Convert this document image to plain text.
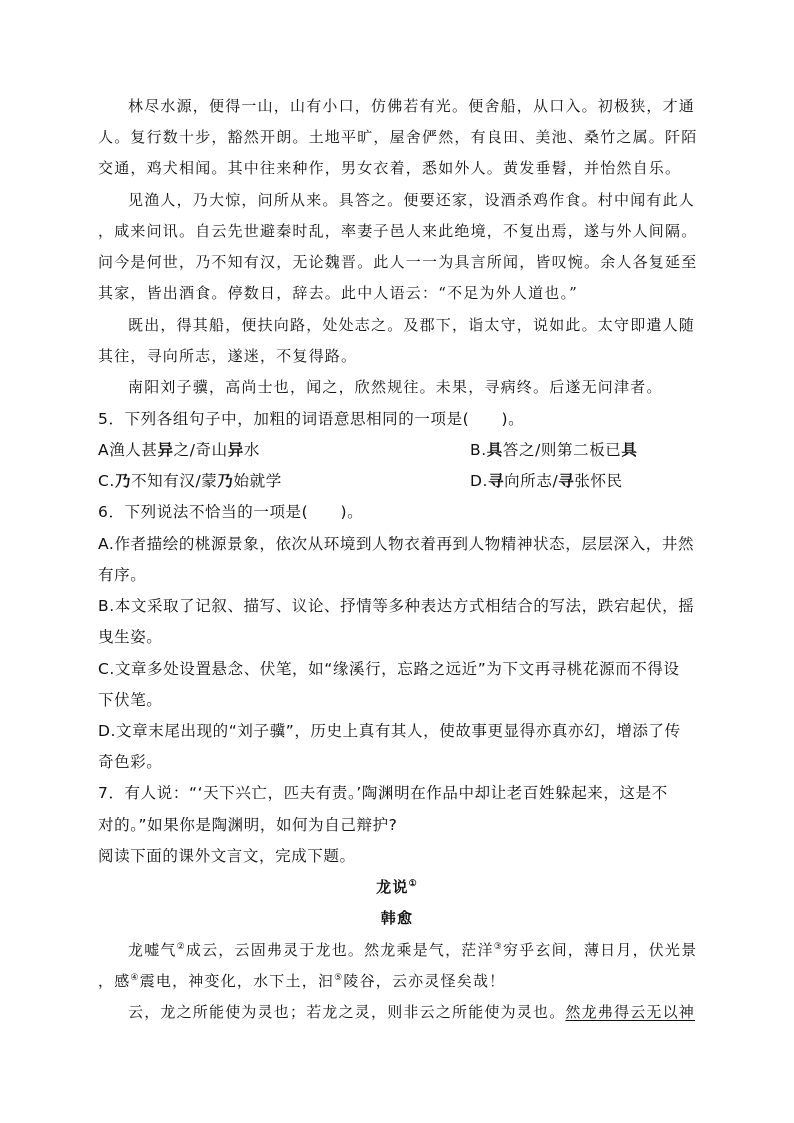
林尽水源，便得一山，山有小口，仿佛若有光。便舍船，从口入。初极狭，才通
人。复行数十步，豁然开朗。土地平旷，屋舍俨然，有良田、美池、桑竹之属。阡陌
交通，鸡犬相闻。其中往来种作，男女衣着，悉如外人。黄发垂髫，并怡然自乐。
见渔人，乃大惊，问所从来。具答之。便要还家，设酒杀鸡作食。村中闻有此人
，咸来问讯。自云先世避秦时乱，率妻子邑人来此绝境，不复出焉，遂与外人间隔。
问今是何世，乃不知有汉，无论魏晋。此人一一为具言所闻，皆叹惋。余人各复延至
其家，皆出酒食。停数日，辞去。此中人语云：“不足为外人道也。”
既出，得其船，便扶向路，处处志之。及郡下，诣太守，说如此。太守即遣人随
其往，寻向所志，遂迷，不复得路。
南阳刘子骥，高尚士也，闻之，欣然规往。未果，寻病终。后遂无问津者。
5．下列各组句子中，加粗的词语意思相同的一项是(　　)。
A渔人甚异之/奇山异水	B.具答之/则第二板已具
C.乃不知有汉/蒙乃始就学	D.寻向所志/寻张怀民
6．下列说法不恰当的一项是(　　)。
A.作者描绘的桃源景象，依次从环境到人物衣着再到人物精神状态，层层深入，井然
有序。
B.本文采取了记叙、描写、议论、抒情等多种表达方式相结合的写法，跌宕起伏，摇
曳生姿。
C.文章多处设置悬念、伏笔，如“缘溪行，忘路之远近”为下文再寻桃花源而不得设
下伏笔。
D.文章末尾出现的“刘子骥”，历史上真有其人，使故事更显得亦真亦幻，增添了传
奇色彩。
7．有人说：“‘天下兴亡，匹夫有责。’陶渊明在作品中却让老百姓躲起来，这是不
对的。”如果你是陶渊明，如何为自己辩护?
阅读下面的课外文言文，完成下题。
龙说①
韩愈
龙嘘气②成云，云固弗灵于龙也。然龙乘是气，茫洋③穷乎玄间，薄日月，伏光景
，感④震电，神变化，水下土，汩⑤陵谷，云亦灵怪矣哉！
云，龙之所能使为灵也；若龙之灵，则非云之所能使为灵也。然龙弗得云无以神
